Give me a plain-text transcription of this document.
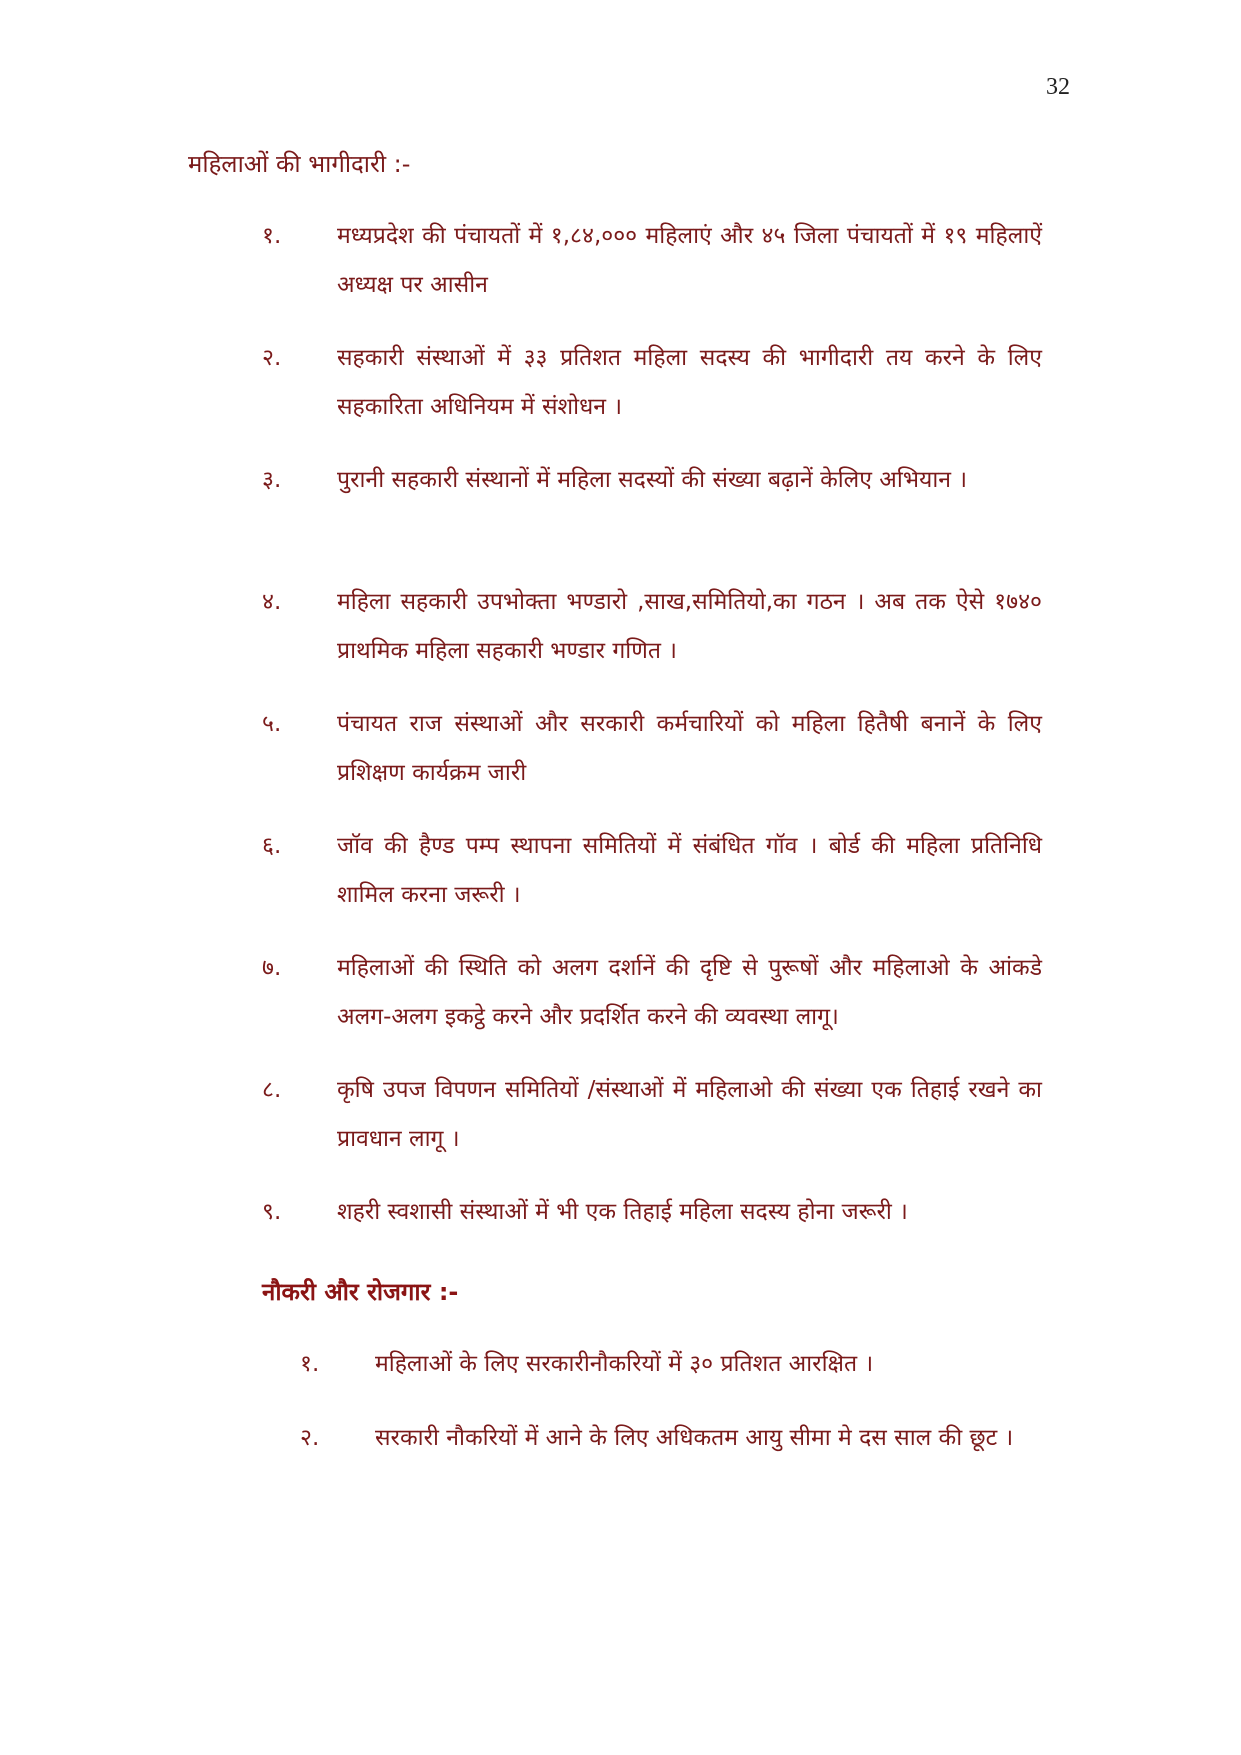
32
महिलाओं की भागीदारी :-
१.	मध्यप्रदेश की पंचायतों में १,८४,००० महिलाएं और ४५ जिला पंचायतों में १९ महिलाऐं अध्यक्ष पर आसीन
२.	सहकारी संस्थाओं में ३३ प्रतिशत महिला सदस्य की भागीदारी तय करने के लिए सहकारिता अधिनियम में संशोधन ।
३.	पुरानी सहकारी संस्थानों में महिला सदस्यों की संख्या बढ़ानें केलिए अभियान ।
४.	महिला सहकारी उपभोक्ता भण्डारो ,साख,समितियो,का गठन । अब तक ऐसे १७४० प्राथमिक महिला सहकारी भण्डार गणित ।
५.	पंचायत राज संस्थाओं और सरकारी कर्मचारियों को महिला हितैषी बनानें के लिए प्रशिक्षण कार्यक्रम जारी
६.	जॉव की हैण्ड पम्प स्थापना समितियों में संबंधित गॉव । बोर्ड की महिला प्रतिनिधि शामिल करना जरूरी ।
७.	महिलाओं की स्थिति को अलग दर्शानें की दृष्टि से पुरूषों और महिलाओ के आंकडे अलग-अलग इकट्ठे करने और प्रदर्शित करने की व्यवस्था लागू।
८.	कृषि उपज विपणन समितियों /संस्थाओं में महिलाओ की संख्या एक तिहाई रखने का प्रावधान लागू ।
९.	शहरी स्वशासी संस्थाओं में भी एक तिहाई महिला सदस्य होना जरूरी ।
नौकरी और रोजगार :-
१.	महिलाओं के लिए सरकारीनौकरियों में ३० प्रतिशत आरक्षित ।
२.	सरकारी नौकरियों में आने के लिए अधिकतम आयु सीमा मे दस साल की छूट ।
